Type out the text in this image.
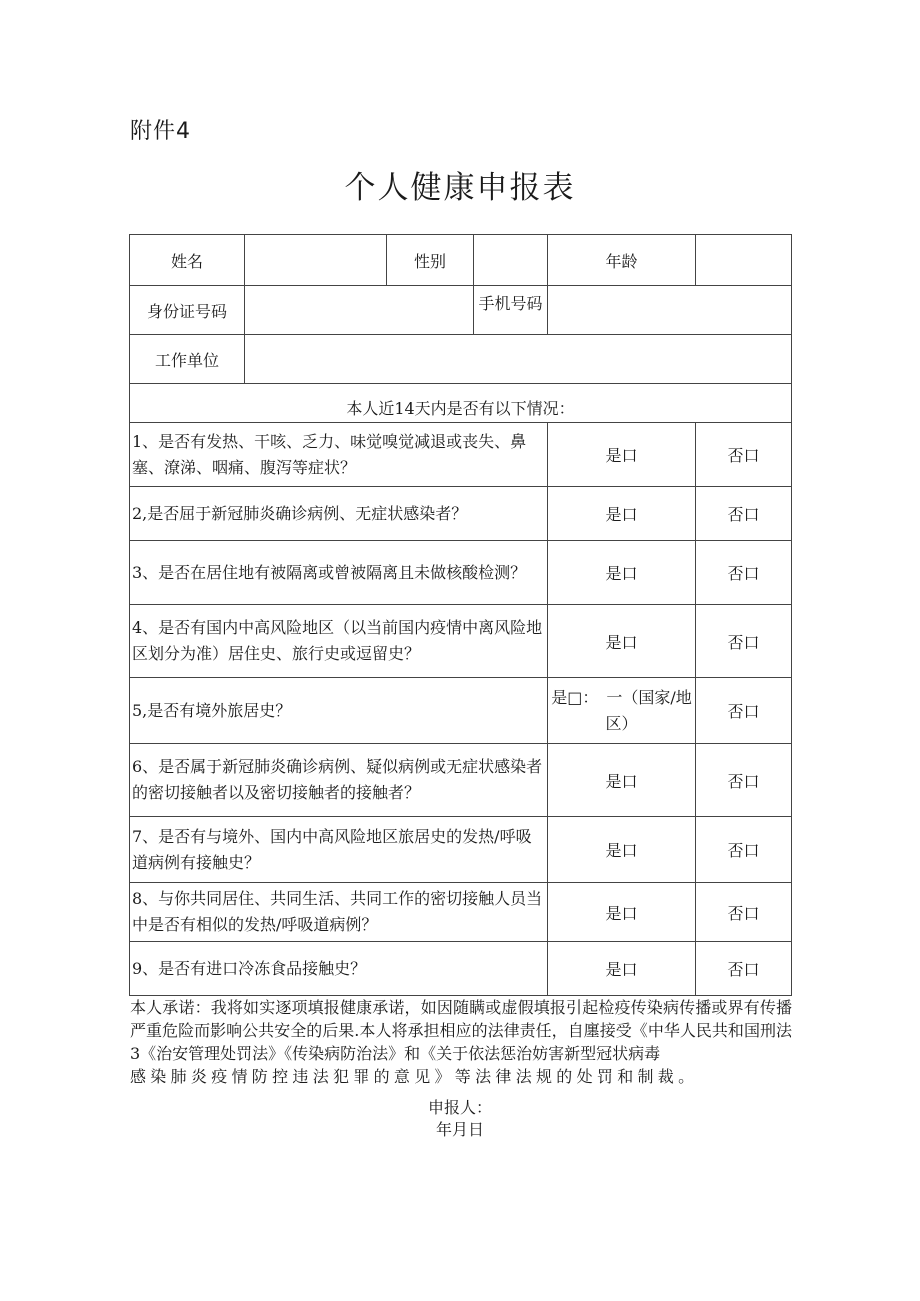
附件4
个人健康申报表
姓名		性别		年龄	
身份证号码			手机号码		
工作单位					
本人近14天内是否有以下情况：					
1、是否有发热、干咳、乏力、味觉嗅觉减退或丧失、鼻塞、潦涕、咽痛、腹泻等症状？				是口	否口
2,是否屈于新冠肺炎确诊病例、无症状感染者？				是口	否口
3、是否在居住地有被隔离或曾被隔离且未做核酸检测？				是口	否口
4、是否有国内中高风险地区（以当前国内疫情中离风险地区划分为准）居住史、旅行史或逗留史？				是口	否口
5,是否有境外旅居史？				是□：　一（国家/地区）	否口
6、是否属于新冠肺炎确诊病例、疑似病例或无症状感染者的密切接触者以及密切接触者的接触者？				是口	否口
7、是否有与境外、国内中高风险地区旅居史的发热/呼吸道病例有接触史？				是口	否口
8、与你共同居住、共同生活、共同工作的密切接触人员当中是否有相似的发热/呼吸道病例？				是口	否口
9、是否有进口冷冻食品接触史？				是口	否口

本人承诺：我将如实逐项填报健康承诺，如因随瞒或虚假填报引起检疫传染病传播或界有传播严重危险而影响公共安全的后果.本人将承担相应的法律责任，自廛接受《中华人民共和国刑法3《治安管理处罚法》《传染病防治法》和《关于依法惩治妨害新型冠状病毒

感染肺炎疫情防控违法犯罪的意见》等法律法规的处罚和制裁。

申报人：
年月日
